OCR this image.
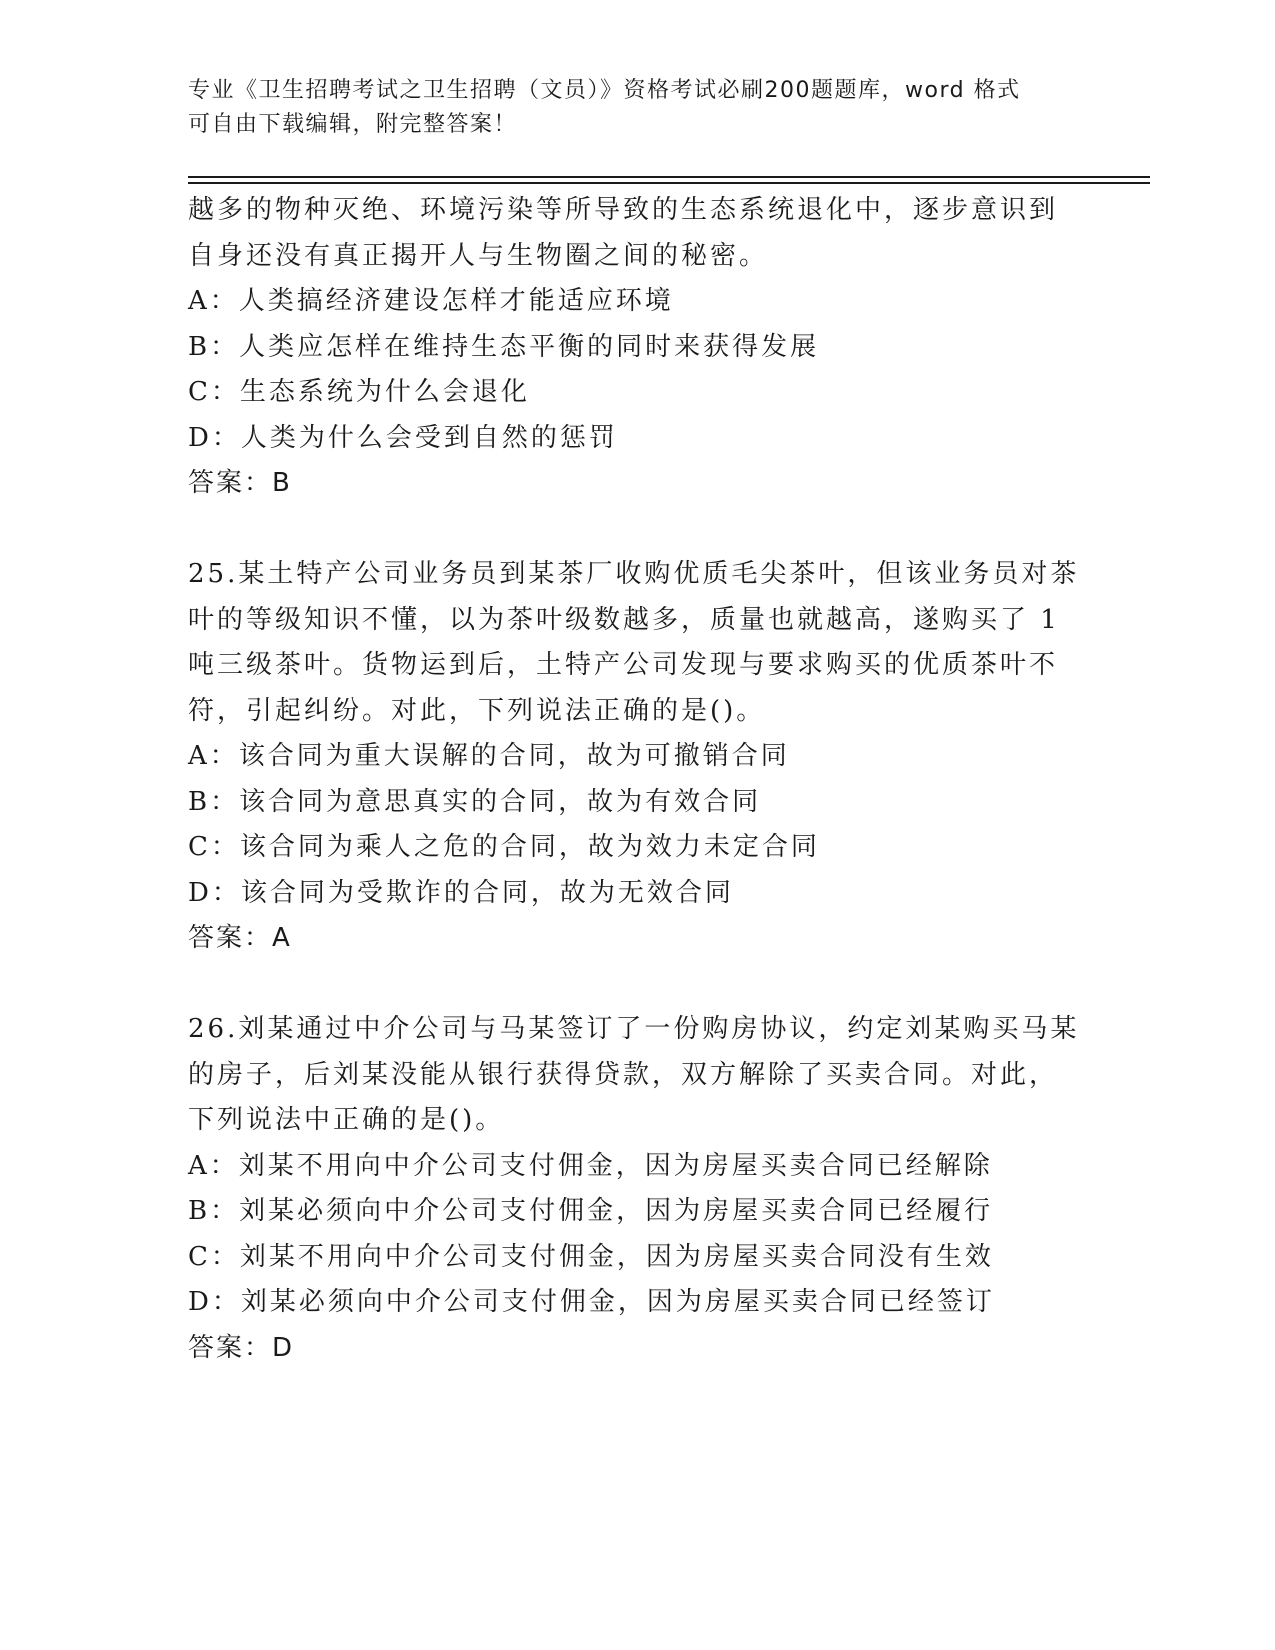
专业《卫生招聘考试之卫生招聘（文员）》资格考试必刷200题题库，word 格式
可自由下载编辑，附完整答案！
越多的物种灭绝、环境污染等所导致的生态系统退化中，逐步意识到
自身还没有真正揭开人与生物圈之间的秘密。
A：人类搞经济建设怎样才能适应环境
B：人类应怎样在维持生态平衡的同时来获得发展
C：生态系统为什么会退化
D：人类为什么会受到自然的惩罚
答案：B
25.某土特产公司业务员到某茶厂收购优质毛尖茶叶，但该业务员对茶
叶的等级知识不懂，以为茶叶级数越多，质量也就越高，遂购买了 1
吨三级茶叶。货物运到后，土特产公司发现与要求购买的优质茶叶不
符，引起纠纷。对此，下列说法正确的是()。
A：该合同为重大误解的合同，故为可撤销合同
B：该合同为意思真实的合同，故为有效合同
C：该合同为乘人之危的合同，故为效力未定合同
D：该合同为受欺诈的合同，故为无效合同
答案：A
26.刘某通过中介公司与马某签订了一份购房协议，约定刘某购买马某
的房子，后刘某没能从银行获得贷款，双方解除了买卖合同。对此，
下列说法中正确的是()。
A：刘某不用向中介公司支付佣金，因为房屋买卖合同已经解除
B：刘某必须向中介公司支付佣金，因为房屋买卖合同已经履行
C：刘某不用向中介公司支付佣金，因为房屋买卖合同没有生效
D：刘某必须向中介公司支付佣金，因为房屋买卖合同已经签订
答案：D
